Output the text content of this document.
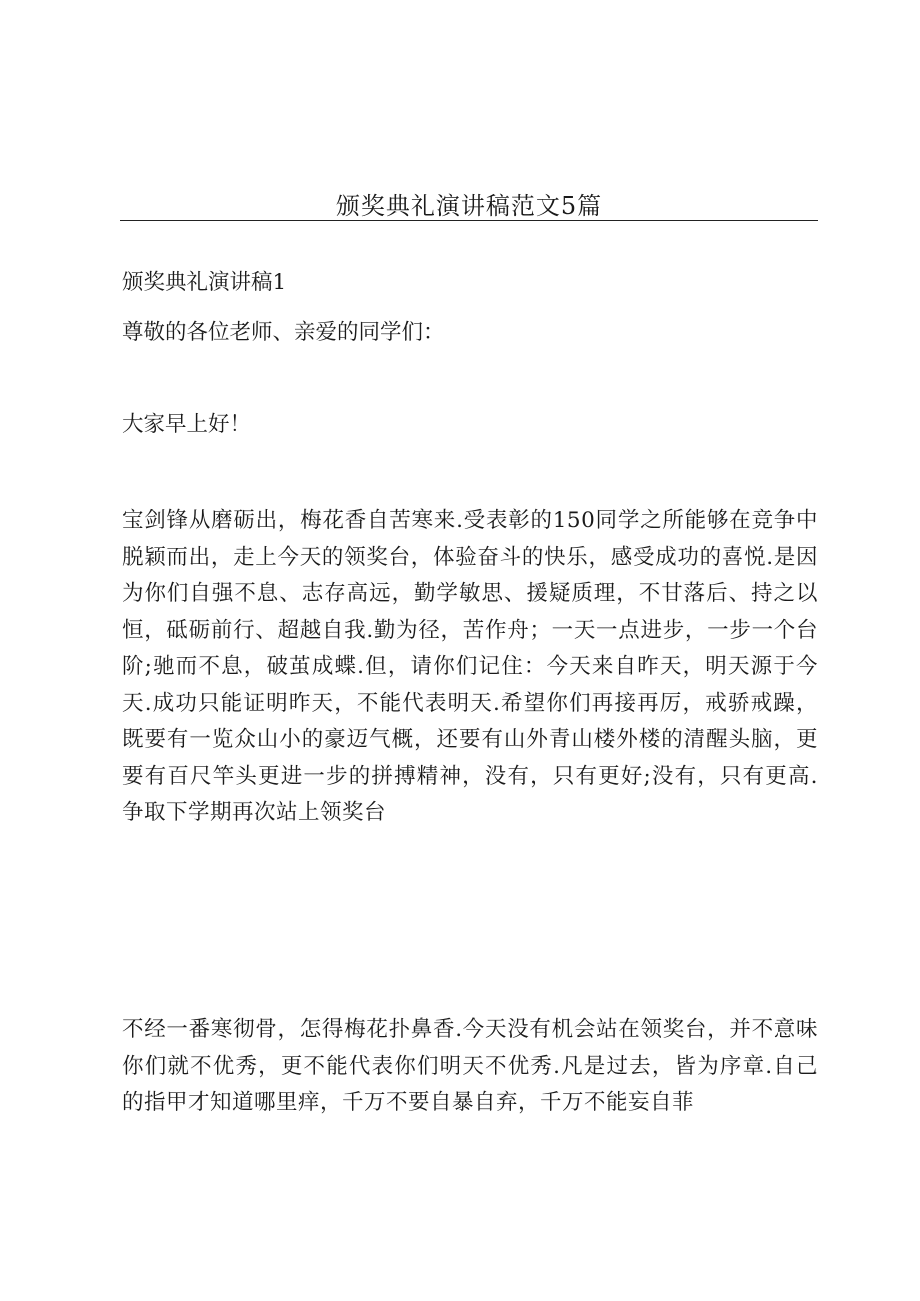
颁奖典礼演讲稿范文5篇
颁奖典礼演讲稿1
尊敬的各位老师、亲爱的同学们：
大家早上好！

宝剑锋从磨砺出，梅花香自苦寒来.受表彰的150同学之所能够在竞争中脱颖而出，走上今天的领奖台，体验奋斗的快乐，感受成功的喜悦.是因为你们自强不息、志存高远，勤学敏思、援疑质理，不甘落后、持之以恒，砥砺前行、超越自我.勤为径，苦作舟；一天一点进步，一步一个台阶;驰而不息，破茧成蝶.但，请你们记住：今天来自昨天，明天源于今天.成功只能证明昨天，不能代表明天.希望你们再接再厉，戒骄戒躁，既要有一览众山小的豪迈气概，还要有山外青山楼外楼的清醒头脑，更要有百尺竿头更进一步的拼搏精神，没有，只有更好;没有，只有更高.争取下学期再次站上领奖台

不经一番寒彻骨，怎得梅花扑鼻香.今天没有机会站在领奖台，并不意味你们就不优秀，更不能代表你们明天不优秀.凡是过去，皆为序章.自己的指甲才知道哪里痒，千万不要自暴自弃，千万不能妄自菲
